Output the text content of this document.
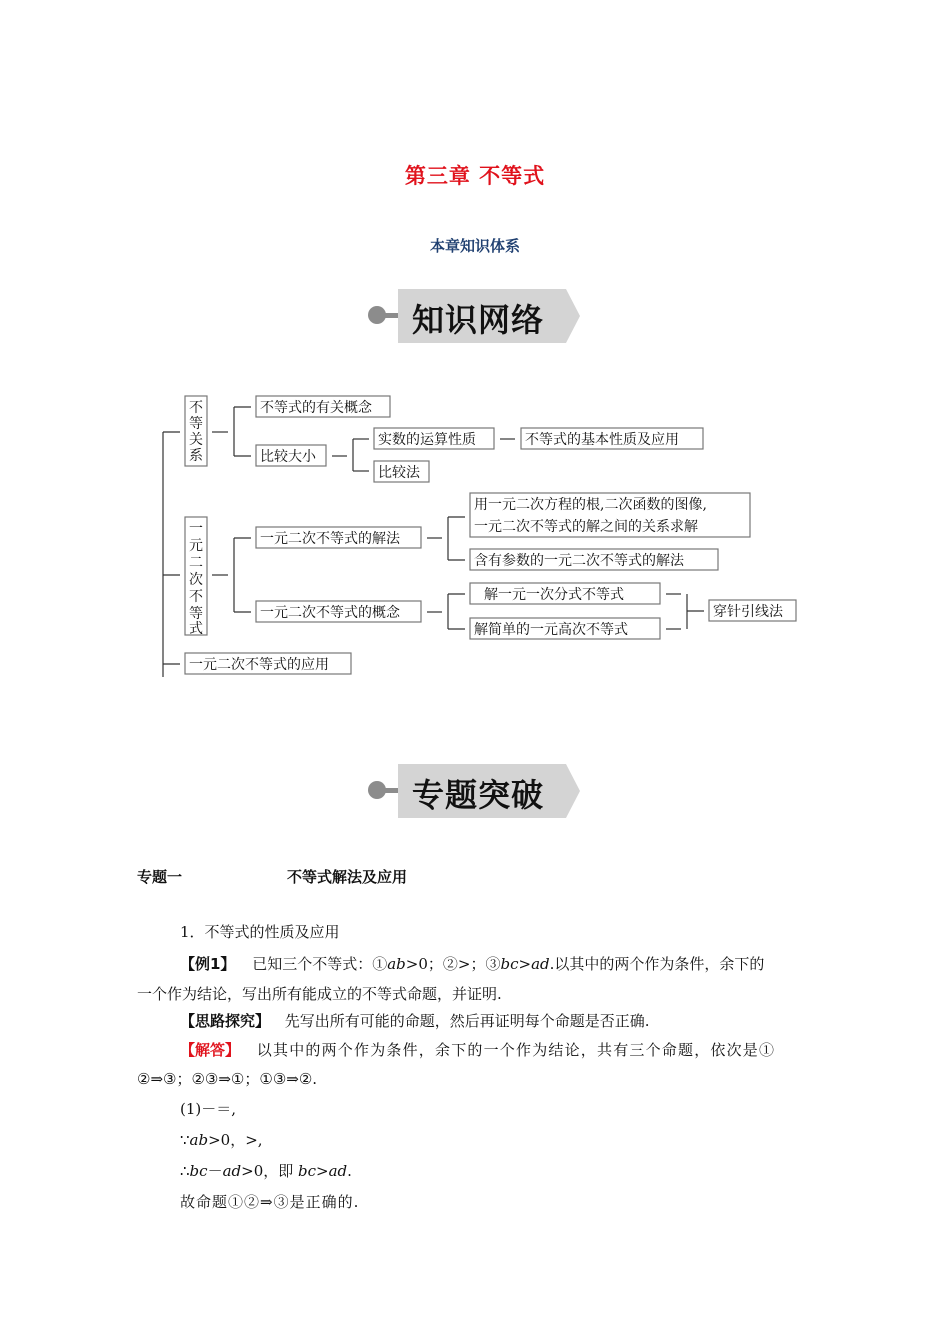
第三章 不等式
本章知识体系
知识网络
不
等
关
系
不等式的有关概念
比较大小
实数的运算性质	不等式的基本性质及应用
比较法
一
元
二
次
不
等
式
一元二次不等式的解法
用一元二次方程的根,二次函数的图像,
一元二次不等式的解之间的关系求解
含有参数的一元二次不等式的解法
一元二次不等式的概念
解一元一次分式不等式
解简单的一元高次不等式
穿针引线法
一元二次不等式的应用
专题突破
专题一	不等式解法及应用
1．不等式的性质及应用
【例1】 已知三个不等式：①ab>0；②>；③bc>ad.以其中的两个作为条件，余下的
一个作为结论，写出所有能成立的不等式命题，并证明.
【思路探究】 先写出所有可能的命题，然后再证明每个命题是否正确.
【解答】 以其中的两个作为条件，余下的一个作为结论，共有三个命题，依次是①
②⇒③；②③⇒①；①③⇒②.
(1)－＝,
∵ab>0，>,
∴bc－ad>0，即 bc>ad.
故命题①②⇒③是正确的.
